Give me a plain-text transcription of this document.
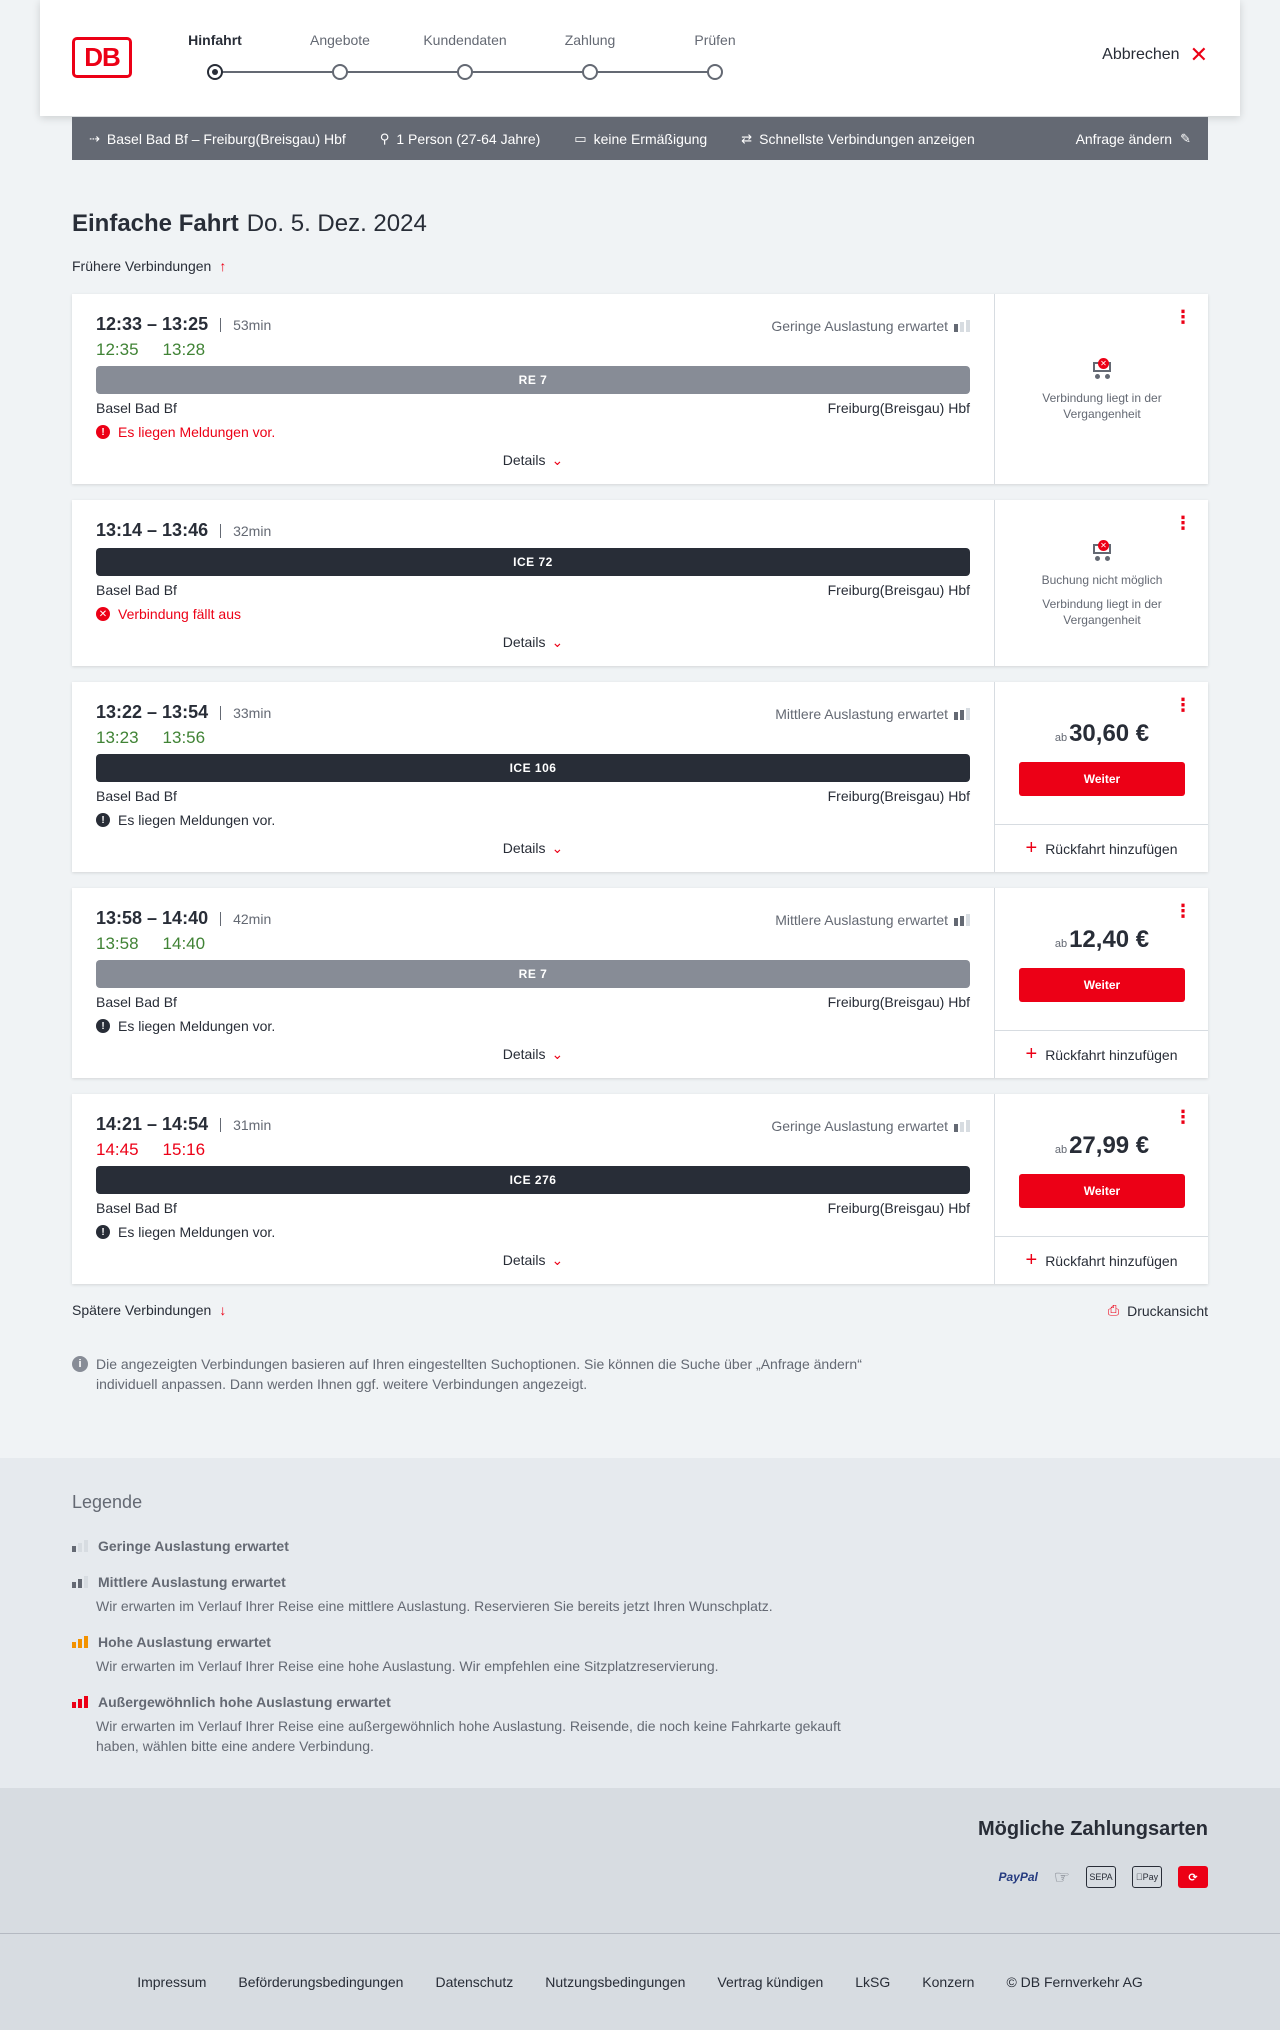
DB
Hinfahrt	Angebote	Kundendaten	Zahlung	Prüfen
Abbrechen ✕
⇢ Basel Bad Bf – Freiburg(Breisgau) Hbf	⚲ 1 Person (27-64 Jahre)	▭ keine Ermäßigung	⇄ Schnellste Verbindungen anzeigen	Anfrage ändern ✎
Einfache Fahrt Do. 5. Dez. 2024
Frühere Verbindungen ↑
12:33 – 13:25	53min
12:35 13:28
Geringe Auslastung erwartet
RE 7
Basel Bad Bf	Freiburg(Breisgau) Hbf
! Es liegen Meldungen vor.
Details ⌄
⋮
✕
Verbindung liegt in der
Vergangenheit
13:14 – 13:46	32min
ICE 72
Basel Bad Bf	Freiburg(Breisgau) Hbf
✕ Verbindung fällt aus
Details ⌄
⋮
✕
Buchung nicht möglich
Verbindung liegt in der
Vergangenheit
13:22 – 13:54	33min
13:23 13:56
Mittlere Auslastung erwartet
ICE 106
Basel Bad Bf	Freiburg(Breisgau) Hbf
! Es liegen Meldungen vor.
Details ⌄
⋮
ab30,60 €
Weiter
+ Rückfahrt hinzufügen
13:58 – 14:40	42min
13:58 14:40
Mittlere Auslastung erwartet
RE 7
Basel Bad Bf	Freiburg(Breisgau) Hbf
! Es liegen Meldungen vor.
Details ⌄
⋮
ab12,40 €
Weiter
+ Rückfahrt hinzufügen
14:21 – 14:54	31min
14:45 15:16
Geringe Auslastung erwartet
ICE 276
Basel Bad Bf	Freiburg(Breisgau) Hbf
! Es liegen Meldungen vor.
Details ⌄
⋮
ab27,99 €
Weiter
+ Rückfahrt hinzufügen
Spätere Verbindungen ↓	⎙ Druckansicht
i	Die angezeigten Verbindungen basieren auf Ihren eingestellten Suchoptionen. Sie können die Suche über „Anfrage ändern“ individuell anpassen. Dann werden Ihnen ggf. weitere Verbindungen angezeigt.
Legende
Geringe Auslastung erwartet
Mittlere Auslastung erwartet
Wir erwarten im Verlauf Ihrer Reise eine mittlere Auslastung. Reservieren Sie bereits jetzt Ihren Wunschplatz.
Hohe Auslastung erwartet
Wir erwarten im Verlauf Ihrer Reise eine hohe Auslastung. Wir empfehlen eine Sitzplatzreservierung.
Außergewöhnlich hohe Auslastung erwartet
Wir erwarten im Verlauf Ihrer Reise eine außergewöhnlich hohe Auslastung. Reisende, die noch keine Fahrkarte gekauft haben, wählen bitte eine andere Verbindung.
Mögliche Zahlungsarten
PayPal ☞	SEPA	Pay	⟳
Impressum Beförderungsbedingungen Datenschutz Nutzungsbedingungen Vertrag kündigen LkSG Konzern © DB Fernverkehr AG
